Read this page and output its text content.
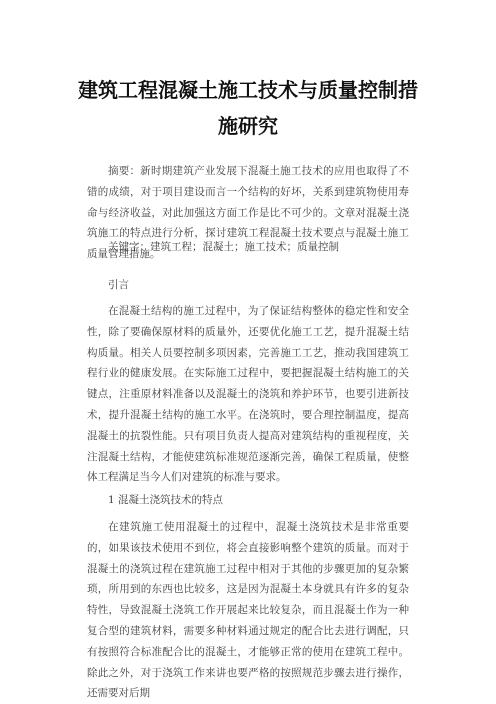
建筑工程混凝土施工技术与质量控制措
施研究

摘要：新时期建筑产业发展下混凝土施工技术的应用也取得了不错的成绩，对于项目建设而言一个结构的好坏，关系到建筑物使用寿命与经济收益，对此加强这方面工作是比不可少的。文章对混凝土浇筑施工的特点进行分析，探讨建筑工程混凝土技术要点与混凝土施工质量管理措施。

关键字：建筑工程；混凝土；施工技术；质量控制

引言

在混凝土结构的施工过程中，为了保证结构整体的稳定性和安全性，除了要确保原材料的质量外，还要优化施工工艺，提升混凝土结构质量。相关人员要控制多项因素，完善施工工艺，推动我国建筑工程行业的健康发展。在实际施工过程中，要把握混凝土结构施工的关键点，注重原材料准备以及混凝土的浇筑和养护环节，也要引进新技术，提升混凝土结构的施工水平。在浇筑时，要合理控制温度，提高混凝土的抗裂性能。只有项目负责人提高对建筑结构的重视程度，关注混凝土结构，才能使建筑标准规范逐渐完善，确保工程质量，使整体工程满足当今人们对建筑的标准与要求。

1 混凝土浇筑技术的特点

在建筑施工使用混凝土的过程中，混凝土浇筑技术是非常重要的，如果该技术使用不到位，将会直接影响整个建筑的质量。而对于混凝土的浇筑过程在建筑施工过程中相对于其他的步骤更加的复杂繁琐，所用到的东西也比较多，这是因为混凝土本身就具有许多的复杂特性，导致混凝土浇筑工作开展起来比较复杂，而且混凝土作为一种复合型的建筑材料，需要多种材料通过规定的配合比去进行调配，只有按照符合标准配合比的混凝土，才能够正常的使用在建筑工程中。除此之外，对于浇筑工作来讲也要严格的按照规范步骤去进行操作，还需要对后期
